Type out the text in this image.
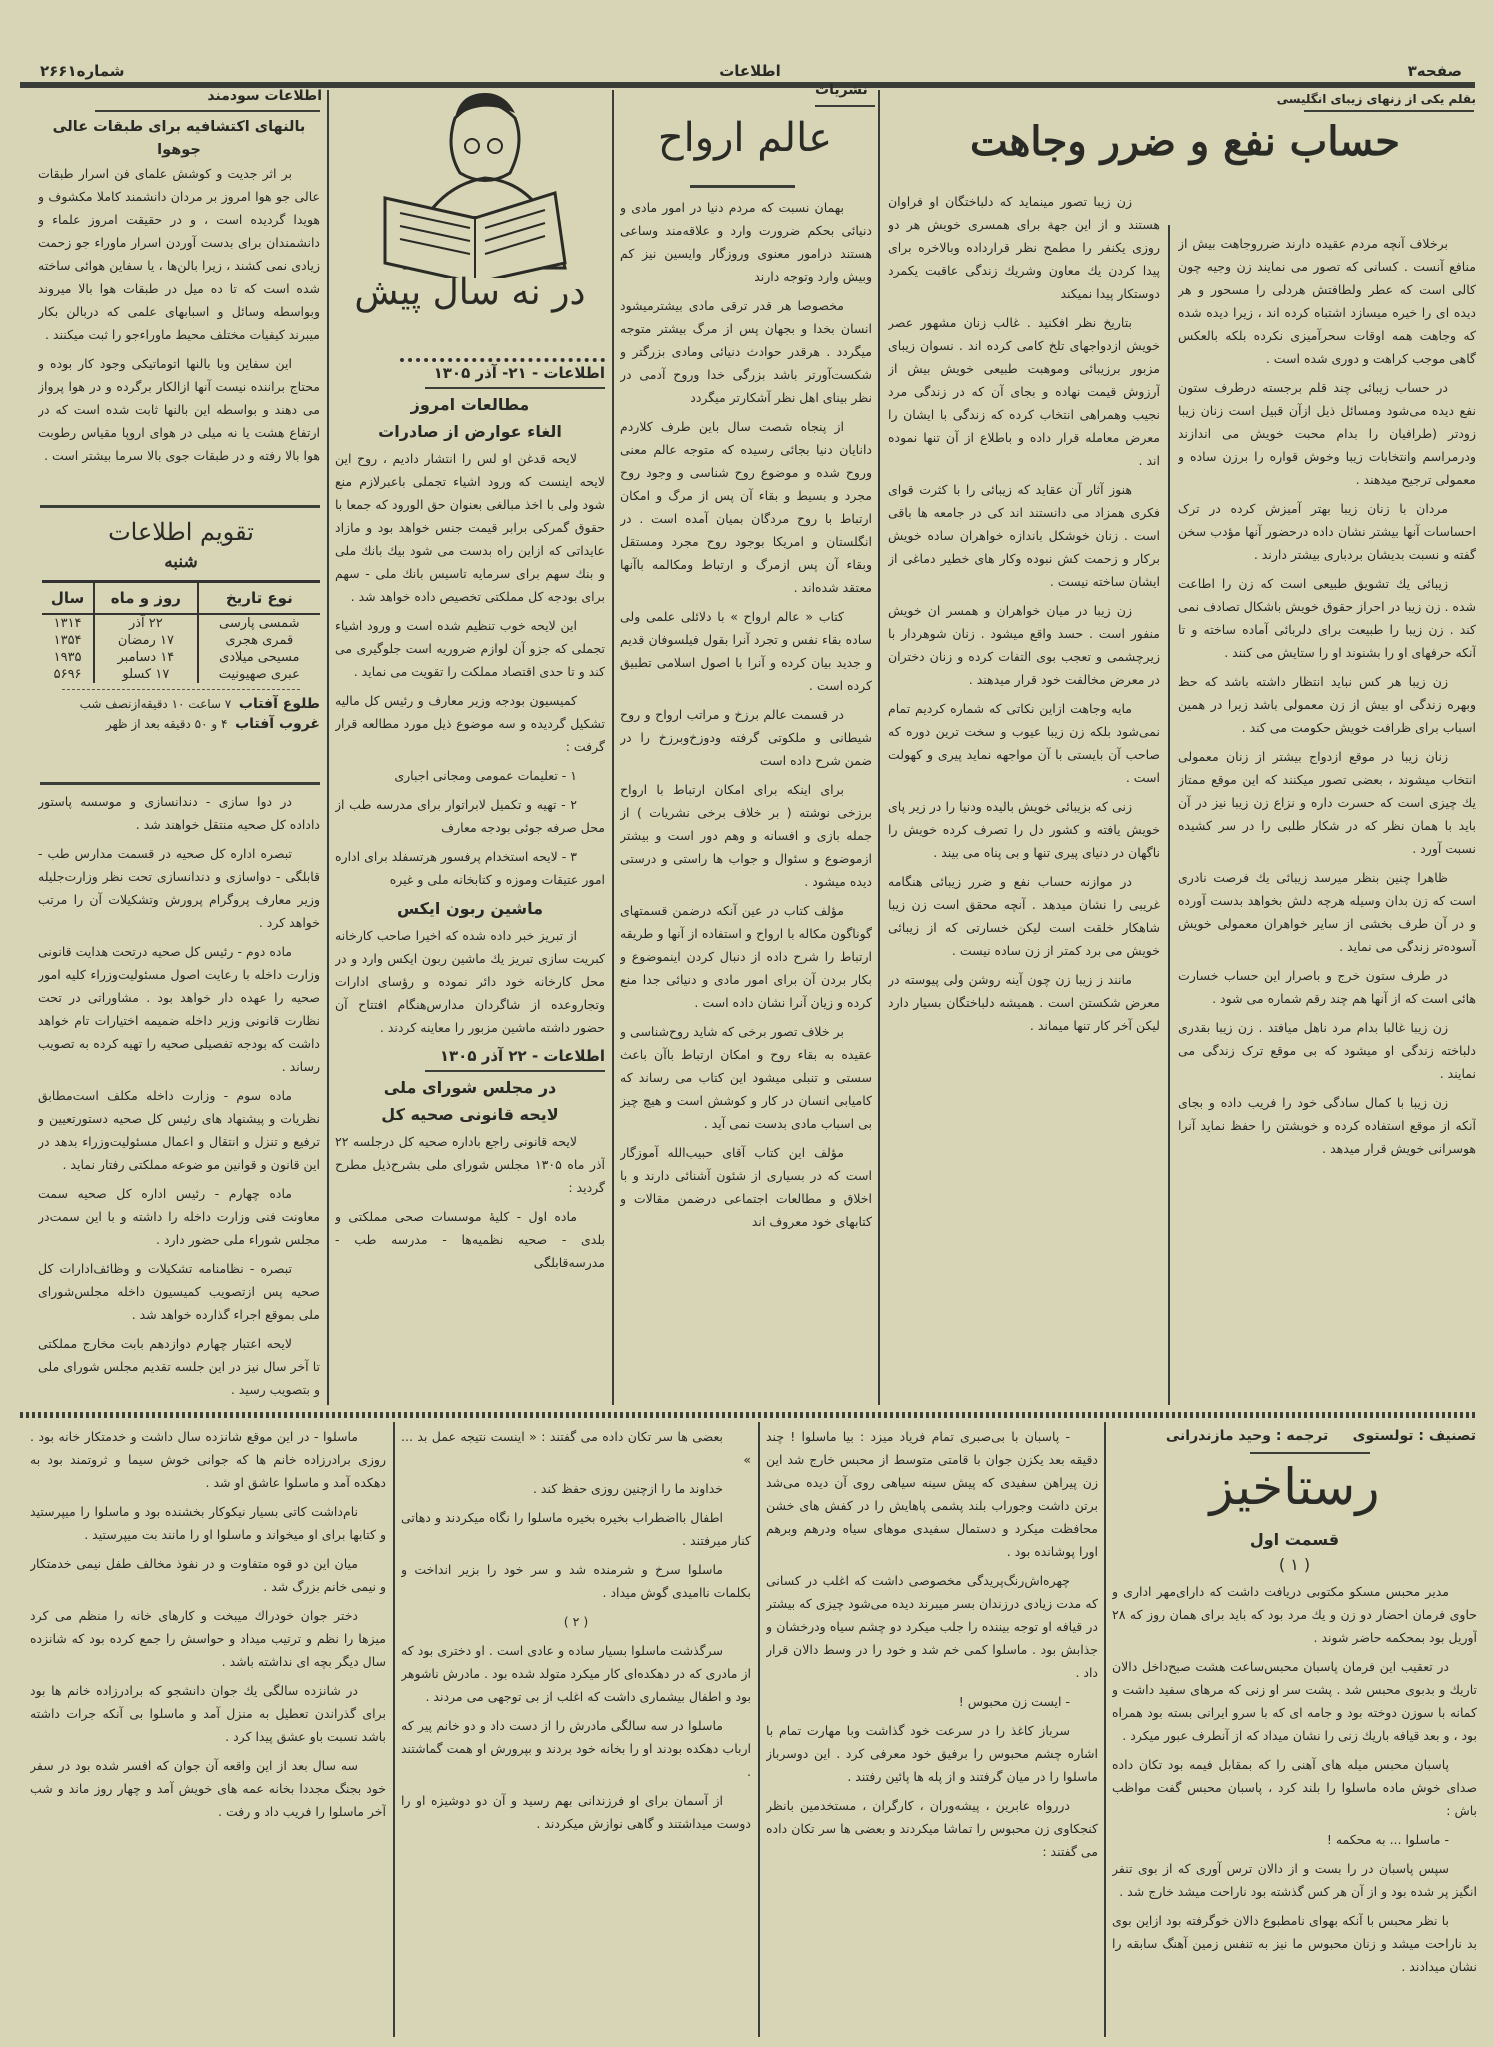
صفحه۳
اطلاعات
شماره۲۶۶۱
بقلم یکی از زنهای زیبای انگلیسی
حساب نفع و ضرر وجاهت

برخلاف آنچه مردم عقیده دارند ضرروجاهت بیش از منافع آنست . کسانی که تصور می نمایند زن وجیه چون کالی است که عطر ولطافتش هردلی را مسحور و هر دیده ای را خیره میسازد اشتباه کرده اند ، زیرا دیده شده که وجاهت همه اوقات سحرآمیزی نکرده بلکه بالعکس گاهی موجب کراهت و دوری شده است .

در حساب زیبائی چند قلم برجسته درطرف ستون نفع دیده می‌شود ومسائل ذیل ازآن قبیل است زنان زیبا زودتر (طرافیان را بدام محبت خویش می اندازند ودرمراسم وانتخابات زیبا وخوش قواره را برزن ساده و معمولی ترجیح میدهند .

مردان با زنان زیبا بهتر آمیزش کرده در ترک احساسات آنها بیشتر نشان داده درحضور آنها مؤدب سخن گفته و نسبت بدیشان بردباری بیشتر دارند .

زیبائی یك تشویق طبیعی است که زن را اطاعت شده . زن زیبا در احراز حقوق خویش باشکال تصادف نمی کند . زن زیبا را طبیعت برای دلربائی آماده ساخته و تا آنکه حرفهای او را بشنوند او را ستایش می کنند .

زن زیبا هر کس نباید انتظار داشته باشد که حظ وبهره زندگی او بیش از زن معمولی باشد زیرا در همین اسباب برای ظرافت خویش حکومت می کند .

زنان زیبا در موقع ازدواج بیشتر از زنان معمولی انتخاب میشوند ، بعضی تصور میکنند که این موقع ممتاز یك چیزی است که حسرت داره و نزاع زن زیبا نیز در آن باید با همان نظر که در شکار طلبی را در سر کشیده نسبت آورد .

ظاهرا چنین بنظر میرسد زیبائی یك فرصت نادری است که زن بدان وسیله هرچه دلش بخواهد بدست آورده و در آن طرف بخشی از سایر خواهران معمولی خویش آسوده‌تر زندگی می نماید .

در طرف ستون خرج و باصرار این حساب خسارت هائی است که از آنها هم چند رقم شماره می شود .

زن زیبا غالبا بدام مرد ناهل میافتد . زن زیبا بقدری دلباخته زندگی او میشود که بی موقع ترک زندگی می نمایند .

زن زیبا با کمال سادگی خود را فریب داده و بجای آنکه از موقع استفاده کرده و خوبشتن را حفظ نماید آنرا هوسرانی خویش قرار میدهد .

زن زیبا تصور مینماید که دلباختگان او فراوان هستند و از این جهة برای همسری خویش هر دو روزی یکنفر را مطمح نظر قرارداده وبالاخره برای پیدا کردن یك معاون وشریك زندگی عاقبت یکمرد دوستکار پیدا نمیکند

بتاریخ نظر افکنید . غالب زنان مشهور عصر خویش ازدواجهای تلخ کامی کرده اند . نسوان زیبای مزبور برزیبائی وموهبت طبیعی خویش بیش از آرزوش قیمت نهاده و بجای آن که در زندگی مرد نجیب وهمراهی انتخاب کرده که زندگی با ایشان را معرض معامله قرار داده و باطلاع از آن تنها نموده اند .

هنوز آثار آن عقاید که زیبائی را با کثرت قوای فکری همزاد می دانستند اند کی در جامعه ها باقی است . زنان خوشکل باندازه خواهران ساده خویش برکار و زحمت کش نبوده وکار های خطیر دماغی از ایشان ساخته نیست .

زن زیبا در میان خواهران و همسر ان خویش منفور است . حسد واقع میشود . زنان شوهردار با زیرچشمی و تعجب بوی التفات کرده و زنان دختران در معرض مخالفت خود قرار میدهند .

مایه وجاهت ازاین نکاتی که شماره کردیم تمام نمی‌شود بلکه زن زیبا عیوب و سخت ترین دوره که صاحب آن بایستی با آن مواجهه نماید پیری و کهولت است .

زنی که بزیبائی خویش بالیده ودنیا را در زیر پای خویش یافته و کشور دل را تصرف کرده خویش را ناگهان در دنیای پیری تنها و بی پناه می بیند .

در موازنه حساب نفع و ضرر زیبائی هنگامه غریبی را نشان میدهد . آنچه محقق است زن زیبا شاهکار خلقت است لیکن خسارتی که از زیبائی خویش می برد کمتر از زن ساده نیست .

مانند ز زیبا زن چون آینه روشن ولی پیوسته در معرض شکستن است . همیشه دلباختگان بسیار دارد لیکن آخر کار تنها میماند .

نشریات
عالم ارواح

بهمان نسبت که مردم دنیا در امور مادی و دنیائی بحکم ضرورت وارد و علاقه‌مند وساعی هستند درامور معنوی وروزگار وایسین نیز کم وبیش وارد وتوجه دارند

مخصوصا هر قدر ترقی مادی بیشترمیشود انسان بخدا و بجهان پس از مرگ بیشتر متوجه میگردد . هرقدر حوادث دنیائی ومادی بزرگتر و شکست‌آورتر باشد بزرگی خدا وروح آدمی در نظر بینای اهل نظر آشکارتر میگردد

از پنجاه شصت سال باین طرف کلاردم دانایان دنیا بجائی رسیده که متوجه عالم معنی وروح شده و موضوع روح شناسی و وجود روح مجرد و بسیط و بقاء آن پس از مرگ و امکان ارتباط با روح مردگان بمیان آمده است . در انگلستان و امریکا بوجود روح مجرد ومستقل وبقاء آن پس ازمرگ و ارتباط ومکالمه باآنها معتقد شده‌اند .

کتاب « عالم ارواح » با دلائلی علمی ولی ساده بقاء نفس و تجرد آنرا بقول فیلسوفان قدیم و جدید بیان کرده و آنرا با اصول اسلامی تطبیق کرده است .

در قسمت عالم برزخ و مراتب ارواح و روح شیطانی و ملکوتی گرفته ودوزخ‌وبرزخ را در ضمن شرح داده است

برای اینکه برای امکان ارتباط با ارواح برزخی نوشته ( بر خلاف برخی نشریات ) از جمله بازی و افسانه و وهم دور است و بیشتر ازموضوع و سئوال و جواب ها راستی و درستی دیده میشود .

مؤلف کتاب در عین آنکه درضمن قسمتهای گوناگون مکاله با ارواح و استفاده از آنها و طریقه ارتباط را شرح داده از دنبال کردن اینموضوع و بکار بردن آن برای امور مادی و دنیائی جدا منع کرده و زیان آنرا نشان داده است .

بر خلاف تصور برخی که شاید روح‌شناسی و عقیده به بقاء روح و امکان ارتباط باآن باعث سستی و تنبلی میشود این کتاب می رساند که کامیابی انسان در کار و کوشش است و هیچ چیز بی اسباب مادی بدست نمی آید .

مؤلف این کتاب آقای حبیب‌الله آموزگار است که در بسیاری از شئون آشنائی دارند و با اخلاق و مطالعات اجتماعی درضمن مقالات و کتابهای خود معروف اند

در نه سال پیش
اطلاعات - ۲۱- آذر ۱۳۰۵
مطالعات امروز
الغاء عوارض از صادرات

لایحه قدغن او لس را انتشار دادیم ، روح این لایحه اینست که ورود اشیاء تجملی باعبرلازم منع شود ولی با اخذ مبالغی بعنوان حق الورود که جمعا با حقوق گمرکی برابر قیمت جنس خواهد بود و مازاد عایداتی که ازاین راه بدست می شود بیك بانك ملی و بنك سهم برای سرمایه تاسیس بانك ملی - سهم برای بودجه کل مملکتی تخصیص داده خواهد شد .

این لایحه خوب تنظیم شده است و ورود اشیاء تجملی که جزو آن لوازم ضروریه است جلوگیری می کند و تا حدی اقتصاد مملکت را تقویت می نماید .

کمیسیون بودجه وزیر معارف و رئیس کل مالیه تشکیل گردیده و سه موضوع ذیل مورد مطالعه قرار گرفت :

۱ - تعلیمات عمومی ومجانی اجباری

۲ - تهیه و تکمیل لابراتوار برای مدرسه طب از محل صرفه جوئی بودجه معارف

۳ - لایحه استخدام پرفسور هرتسفلد برای اداره امور عتیقات وموزه و کتابخانه ملی و غیره

ماشین ربون ایکس

از تبریز خبر داده شده که اخیرا صاحب کارخانه کبریت سازی تبریز یك ماشین ربون ایکس وارد و در محل کارخانه خود دائر نموده و رؤسای ادارات وتجاروعده از شاگردان مدارس‌هنگام افتتاح آن حضور داشته ماشین مزبور را معاینه کردند .

اطلاعات - ۲۲ آذر ۱۳۰۵
در مجلس شورای ملی
لایحه قانونی صحیه کل

لایحه قانونی راجع باداره صحیه کل درجلسه ۲۲ آذر ماه ۱۳۰۵ مجلس شورای ملی بشرح‌ذیل مطرح گردید :

ماده اول - کلیهٔ موسسات صحی مملکتی و بلدی - صحیه نظمیه‌ها - مدرسه طب - مدرسه‌قابلگی

اطلاعات سودمند
بالنهای اکتشافیه برای طبقات عالی جوهوا

بر اثر جدیت و کوشش علمای فن اسرار طبقات عالی جو هوا امروز بر مردان دانشمند کاملا مکشوف و هویدا گردیده است ، و در حقیقت امروز علماء و دانشمندان برای بدست آوردن اسرار ماوراء جو زحمت زیادی نمی کشند ، زیرا بالن‌ها ، یا سفاین هوائی ساخته شده است که تا ده میل در طبقات هوا بالا میروند وبواسطه وسائل و اسبابهای علمی که دربالن بکار میبرند کیفیات مختلف محیط ماوراءجو را ثبت میکنند .

این سفاین وبا بالنها اتوماتیکی وجود کار بوده و محتاج براننده نیست آنها ازالکار برگرده و در هوا پرواز می دهند و بواسطه این بالنها ثابت شده است که در ارتفاع هشت یا نه میلی در هوای اروپا مقیاس رطوبت هوا بالا رفته و در طبقات جوی بالا سرما بیشتر است .

تقویم اطلاعات
شنبه
نوع تاریخ	روز و ماه	سال
شمسی پارسی	۲۲ آذر	۱۳۱۴
قمری هجری	۱۷ رمضان	۱۳۵۴
مسیحی میلادی	۱۴ دسامبر	۱۹۳۵
عبری صهیونیت	۱۷ کسلو	۵۶۹۶
طلوع آفتاب  ۷ ساعت ۱۰ دقیقه‌ازنصف شب
غروب آفتاب  ۴ و ۵۰ دقیقه بعد از ظهر

در دوا سازی - دندانسازی و موسسه پاستور داداده کل صحیه منتقل خواهند شد .

تبصره اداره کل صحیه در قسمت مدارس طب - قابلگی - دواسازی و دندانسازی تحت نظر وزارت‌جلیله وزیر معارف پروگرام پرورش وتشکیلات آن را مرتب خواهد کرد .

ماده دوم - رئیس کل صحیه درتحت هدایت قانونی وزارت داخله با رعایت اصول مسئولیت‌وزراء کلیه امور صحیه را عهده دار خواهد بود . مشاوراتی در تحت نظارت قانونی وزیر داخله ضمیمه اختیارات تام خواهد داشت که بودجه تفصیلی صحیه را تهیه کرده به تصویب رساند .

ماده سوم - وزارت داخله مکلف است‌مطابق نظریات و پیشنهاد های رئیس کل صحیه دستورتعیین و ترفیع و تنزل و انتقال و اعمال مسئولیت‌وزراء بدهد در این قانون و قوانین مو ضوعه مملکتی رفتار نماید .

ماده چهارم - رئیس اداره کل صحیه سمت معاونت فنی وزارت داخله را داشته و با این سمت‌در مجلس شوراء ملی حضور دارد .

تبصره - نظامنامه تشکیلات و وظائف‌ادارات کل صحیه پس ازتصویب کمیسیون داخله مجلس‌شورای ملی بموقع اجراء گذارده خواهد شد .

لایحه اعتبار چهارم دوازدهم بابت مخارج مملکتی تا آخر سال نیز در این جلسه تقدیم مجلس شورای ملی و بتصویب رسید .

تصنیف : تولستوی     ترجمه : وحید مازندرانی
رستاخیز
قسمت اول
( ۱ )

مدیر محبس مسکو مکتوبی دریافت داشت که دارای‌مهر اداری و حاوی فرمان احضار دو زن و یك مرد بود که باید برای همان روز که ۲۸ آوریل بود بمحکمه حاضر شوند .

در تعقیب این فرمان پاسبان محبس‌ساعت هشت صبح‌داخل دالان تاریك و بدبوی محبس شد . پشت سر او زنی که مرهای سفید داشت و کمانه با سوزن دوخته بود و جامه ای که با سرو ایرانی بسته بود همراه بود ، و بعد قیافه باریك زنی را نشان میداد که از آنطرف عبور میکرد .

پاسبان محبس میله های آهنی را که بمقابل فیمه بود تکان داده صدای خوش ماده ماسلوا را بلند کرد ، پاسبان محبس گفت مواظب باش :

- ماسلوا ... به محکمه !

سپس پاسبان در را بست و از دالان ترس آوری که از بوی تنفر انگیز پر شده بود و از آن هر کس گذشته بود ناراحت میشد خارج شد .

با نظر محبس با آنکه بهوای نامطبوع دالان خوگرفته بود ازاین بوی بد ناراحت میشد و زنان محبوس ما نیز به تنفس زمین آهنگ سابقه را نشان میدادند .

- پاسبان با بی‌صبری تمام فریاد میزد : بیا ماسلوا ! چند دقیقه بعد یکزن جوان با قامتی متوسط از محبس خارج شد این زن پیراهن سفیدی که پیش سینه سیاهی روی آن دیده می‌شد برتن داشت وجوراب بلند پشمی پاهایش را در کفش های خشن محافظت میکرد و دستمال سفیدی موهای سیاه ودرهم وبرهم اورا پوشانده بود .

چهره‌اش‌رنگ‌پریدگی مخصوصی داشت که اغلب در کسانی که مدت زیادی درزندان بسر میبرند دیده می‌شود چیزی که بیشتر در قیافه او توجه بیننده را جلب میکرد دو چشم سیاه ودرخشان و جذابش بود . ماسلوا کمی خم شد و خود را در وسط دالان قرار داد .

- ایست زن محبوس !

سرباز کاغذ را در سرعت خود گذاشت وبا مهارت تمام با اشاره چشم محبوس را برفیق خود معرفی کرد . این دوسرباز ماسلوا را در میان گرفتند و از پله ها پائین رفتند .

دررواه عابرین ، پیشه‌وران ، کارگران ، مستخدمین بانظر کنجکاوی زن محبوس را تماشا میکردند و بعضی ها سر تکان داده می گفتند :

بعضی ها سر تکان داده می گفتند : « اینست نتیجه عمل بد ... »

خداوند ما را ازچنین روزی حفظ کند .

اطفال بااضطراب بخیره بخیره ماسلوا را نگاه میکردند و دهاتی کنار میرفتند .

ماسلوا سرخ و شرمنده شد و سر خود را بزیر انداخت و بکلمات ناامیدی گوش میداد .

( ۲ )

سرگذشت ماسلوا بسیار ساده و عادی است . او دختری بود که از مادری که در دهکده‌ای کار میکرد متولد شده بود . مادرش ناشوهر بود و اطفال بیشماری داشت که اغلب از بی توجهی می مردند .

ماسلوا در سه سالگی مادرش را از دست داد و دو خانم پیر که ارباب دهکده بودند او را بخانه خود بردند و بپرورش او همت گماشتند .

از آسمان برای او فرزندانی بهم رسید و آن دو دوشیزه او را دوست میداشتند و گاهی نوازش میکردند .

ماسلوا - در این موقع شانزده سال داشت و خدمتکار خانه بود . روزی برادرزاده خانم ها که جوانی خوش سیما و ثروتمند بود به دهکده آمد و ماسلوا عاشق او شد .

نام‌داشت کاتی بسیار نیکوکار بخشنده بود و ماسلوا را میپرستید و کتابها برای او میخواند و ماسلوا او را مانند بت میپرستید .

میان این دو قوه متفاوت و در نفوذ مخالف طفل نیمی خدمتکار و نیمی خانم بزرگ شد .

دختر جوان خودراك میبخت و کارهای خانه را منظم می کرد میزها را نظم و ترتیب میداد و حواسش را جمع کرده بود که شانزده سال دیگر بچه ای نداشته باشد .

در شانزده سالگی یك جوان دانشجو که برادرزاده خانم ها بود برای گذراندن تعطیل به منزل آمد و ماسلوا بی آنکه جرات داشته باشد نسبت باو عشق پیدا کرد .

سه سال بعد از این واقعه آن جوان که افسر شده بود در سفر خود بجنگ مجددا بخانه عمه های خویش آمد و چهار روز ماند و شب آخر ماسلوا را فریب داد و رفت .
